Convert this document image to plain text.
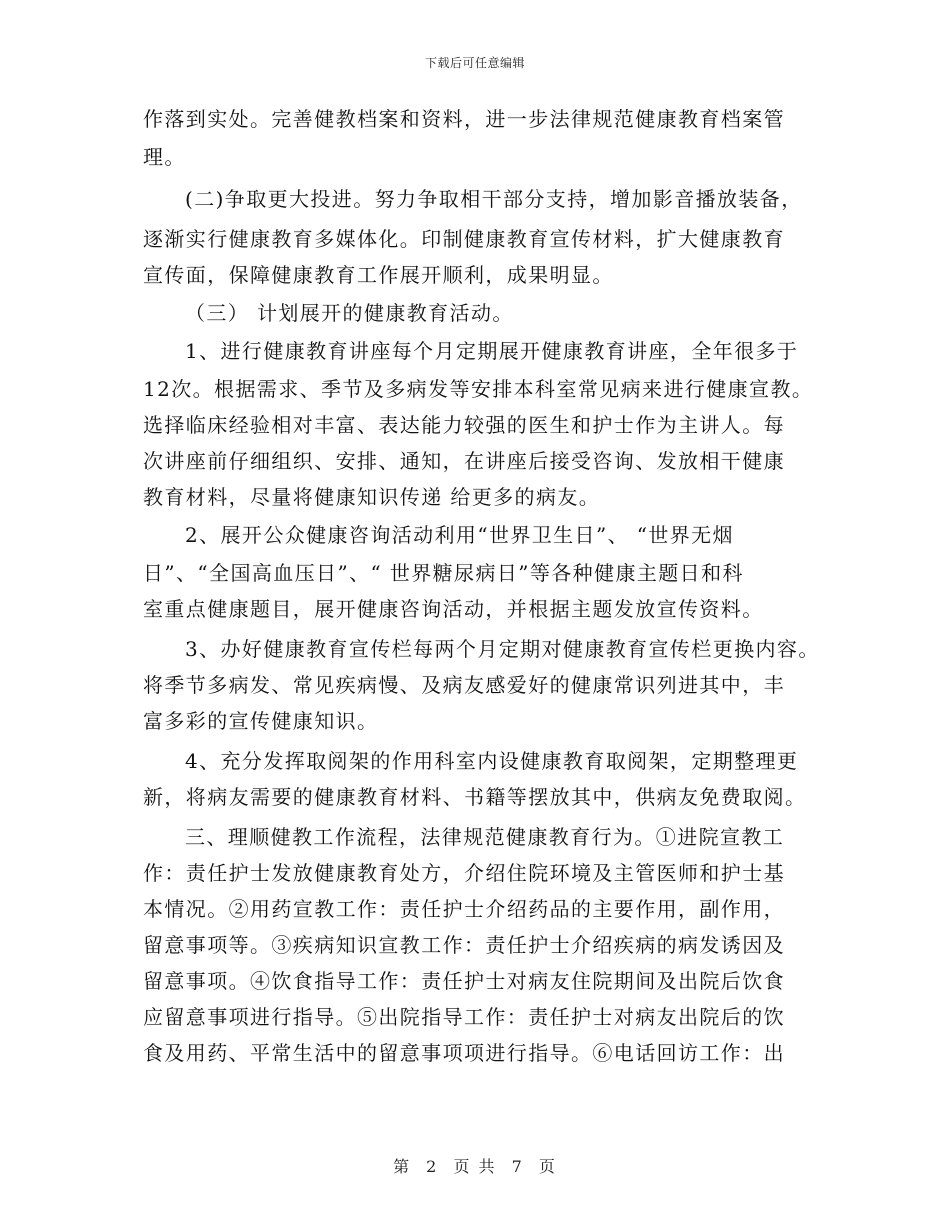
下载后可任意编辑
作落到实处。完善健教档案和资料，进一步法律规范健康教育档案管
理。
(二)争取更大投进。努力争取相干部分支持，增加影音播放装备，
逐渐实行健康教育多媒体化。印制健康教育宣传材料，扩大健康教育
宣传面，保障健康教育工作展开顺利，成果明显。
（三） 计划展开的健康教育活动。
1、进行健康教育讲座每个月定期展开健康教育讲座，全年很多于
12次。根据需求、季节及多病发等安排本科室常见病来进行健康宣教。
选择临床经验相对丰富、表达能力较强的医生和护士作为主讲人。每
次讲座前仔细组织、安排、通知，在讲座后接受咨询、发放相干健康
教育材料，尽量将健康知识传递 给更多的病友。
2、展开公众健康咨询活动利用“世界卫生日”、 “世界无烟
日”、“全国高血压日”、“ 世界糖尿病日”等各种健康主题日和科
室重点健康题目，展开健康咨询活动，并根据主题发放宣传资料。
3、办好健康教育宣传栏每两个月定期对健康教育宣传栏更换内容。
将季节多病发、常见疾病慢、及病友感爱好的健康常识列进其中，丰
富多彩的宣传健康知识。
4、充分发挥取阅架的作用科室内设健康教育取阅架，定期整理更
新，将病友需要的健康教育材料、书籍等摆放其中，供病友免费取阅。
三、理顺健教工作流程，法律规范健康教育行为。①进院宣教工
作：责任护士发放健康教育处方，介绍住院环境及主管医师和护士基
本情况。②用药宣教工作：责任护士介绍药品的主要作用，副作用，
留意事项等。③疾病知识宣教工作：责任护士介绍疾病的病发诱因及
留意事项。④饮食指导工作：责任护士对病友住院期间及出院后饮食
应留意事项进行指导。⑤出院指导工作：责任护士对病友出院后的饮
食及用药、平常生活中的留意事项项进行指导。⑥电话回访工作：出
第 2 页 共 7 页
